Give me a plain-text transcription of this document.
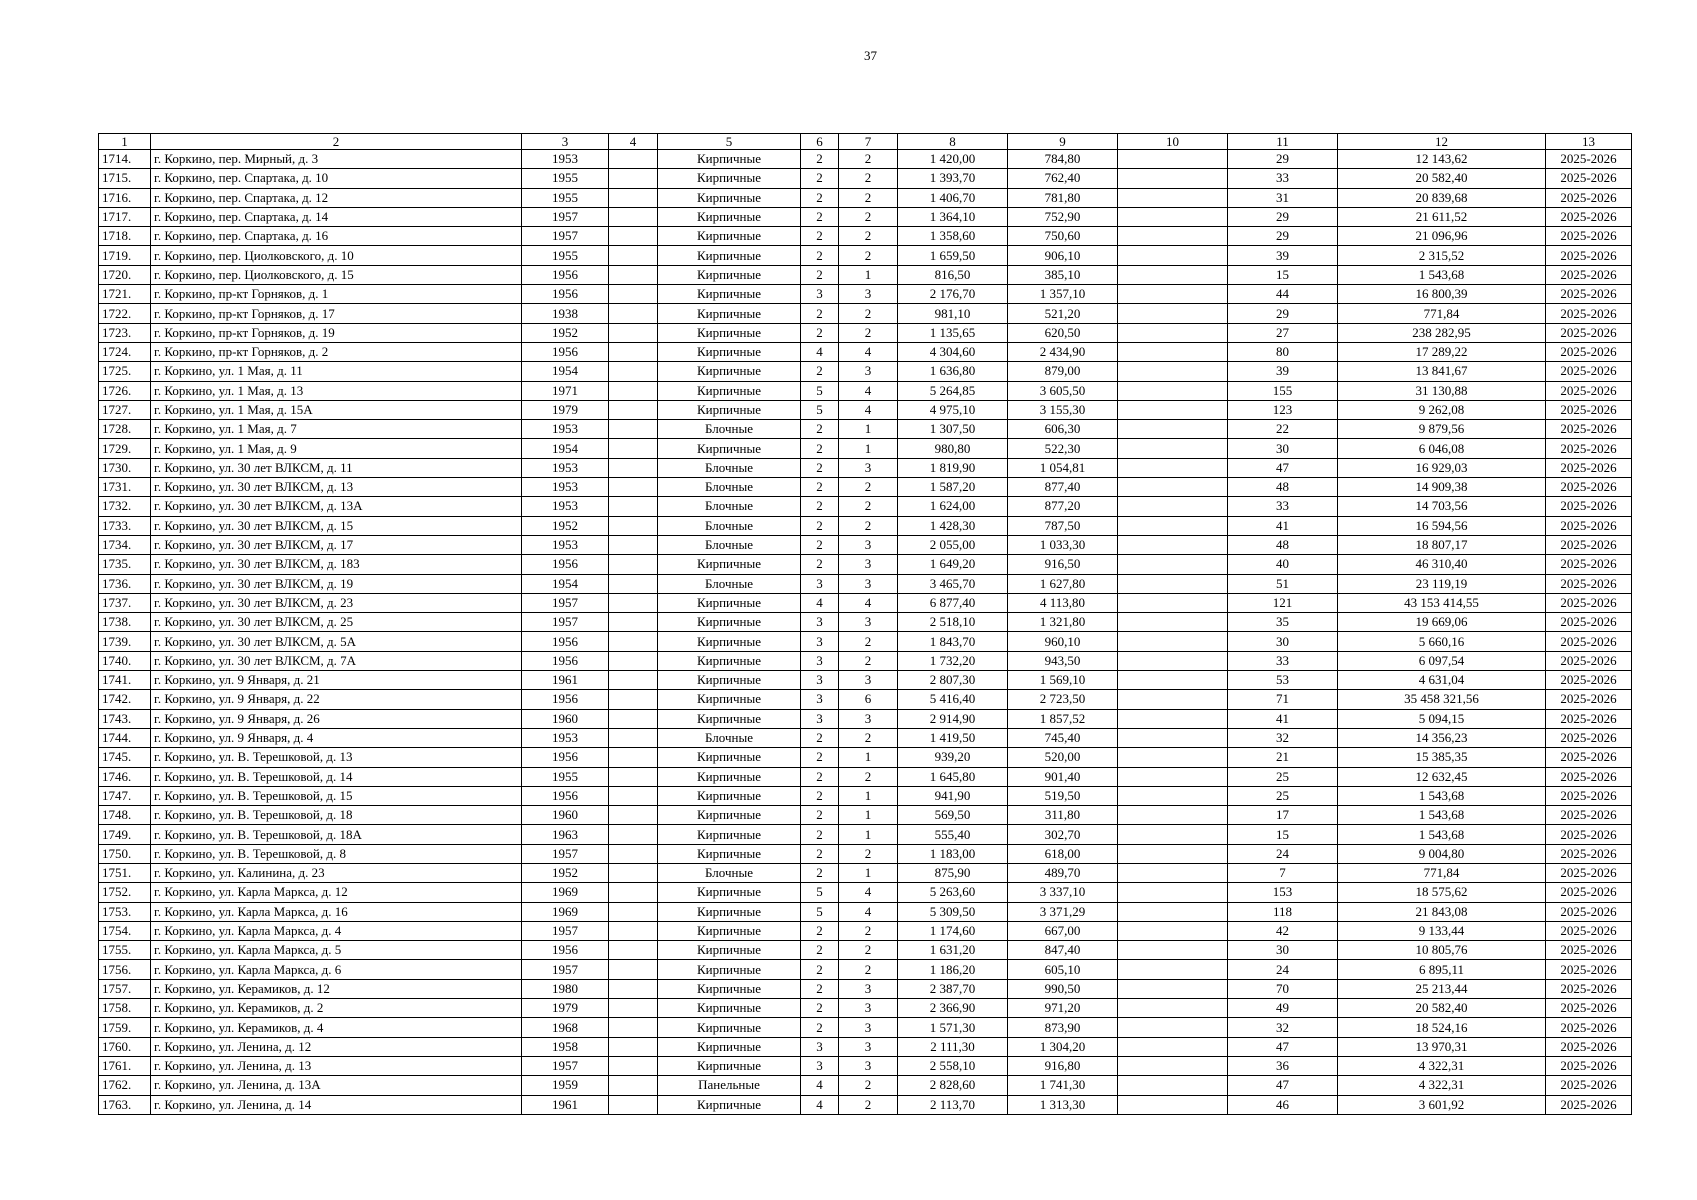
37
1	2	3	4	5	6	7	8	9	10	11	12	13
1714.	г. Коркино, пер. Мирный, д. 3	1953		Кирпичные	2	2	1 420,00	784,80		29	12 143,62	2025-2026
1715.	г. Коркино, пер. Спартака, д. 10	1955		Кирпичные	2	2	1 393,70	762,40		33	20 582,40	2025-2026
1716.	г. Коркино, пер. Спартака, д. 12	1955		Кирпичные	2	2	1 406,70	781,80		31	20 839,68	2025-2026
1717.	г. Коркино, пер. Спартака, д. 14	1957		Кирпичные	2	2	1 364,10	752,90		29	21 611,52	2025-2026
1718.	г. Коркино, пер. Спартака, д. 16	1957		Кирпичные	2	2	1 358,60	750,60		29	21 096,96	2025-2026
1719.	г. Коркино, пер. Циолковского, д. 10	1955		Кирпичные	2	2	1 659,50	906,10		39	2 315,52	2025-2026
1720.	г. Коркино, пер. Циолковского, д. 15	1956		Кирпичные	2	1	816,50	385,10		15	1 543,68	2025-2026
1721.	г. Коркино, пр-кт Горняков, д. 1	1956		Кирпичные	3	3	2 176,70	1 357,10		44	16 800,39	2025-2026
1722.	г. Коркино, пр-кт Горняков, д. 17	1938		Кирпичные	2	2	981,10	521,20		29	771,84	2025-2026
1723.	г. Коркино, пр-кт Горняков, д. 19	1952		Кирпичные	2	2	1 135,65	620,50		27	238 282,95	2025-2026
1724.	г. Коркино, пр-кт Горняков, д. 2	1956		Кирпичные	4	4	4 304,60	2 434,90		80	17 289,22	2025-2026
1725.	г. Коркино, ул. 1 Мая, д. 11	1954		Кирпичные	2	3	1 636,80	879,00		39	13 841,67	2025-2026
1726.	г. Коркино, ул. 1 Мая, д. 13	1971		Кирпичные	5	4	5 264,85	3 605,50		155	31 130,88	2025-2026
1727.	г. Коркино, ул. 1 Мая, д. 15А	1979		Кирпичные	5	4	4 975,10	3 155,30		123	9 262,08	2025-2026
1728.	г. Коркино, ул. 1 Мая, д. 7	1953		Блочные	2	1	1 307,50	606,30		22	9 879,56	2025-2026
1729.	г. Коркино, ул. 1 Мая, д. 9	1954		Кирпичные	2	1	980,80	522,30		30	6 046,08	2025-2026
1730.	г. Коркино, ул. 30 лет ВЛКСМ, д. 11	1953		Блочные	2	3	1 819,90	1 054,81		47	16 929,03	2025-2026
1731.	г. Коркино, ул. 30 лет ВЛКСМ, д. 13	1953		Блочные	2	2	1 587,20	877,40		48	14 909,38	2025-2026
1732.	г. Коркино, ул. 30 лет ВЛКСМ, д. 13А	1953		Блочные	2	2	1 624,00	877,20		33	14 703,56	2025-2026
1733.	г. Коркино, ул. 30 лет ВЛКСМ, д. 15	1952		Блочные	2	2	1 428,30	787,50		41	16 594,56	2025-2026
1734.	г. Коркино, ул. 30 лет ВЛКСМ, д. 17	1953		Блочные	2	3	2 055,00	1 033,30		48	18 807,17	2025-2026
1735.	г. Коркино, ул. 30 лет ВЛКСМ, д. 183	1956		Кирпичные	2	3	1 649,20	916,50		40	46 310,40	2025-2026
1736.	г. Коркино, ул. 30 лет ВЛКСМ, д. 19	1954		Блочные	3	3	3 465,70	1 627,80		51	23 119,19	2025-2026
1737.	г. Коркино, ул. 30 лет ВЛКСМ, д. 23	1957		Кирпичные	4	4	6 877,40	4 113,80		121	43 153 414,55	2025-2026
1738.	г. Коркино, ул. 30 лет ВЛКСМ, д. 25	1957		Кирпичные	3	3	2 518,10	1 321,80		35	19 669,06	2025-2026
1739.	г. Коркино, ул. 30 лет ВЛКСМ, д. 5А	1956		Кирпичные	3	2	1 843,70	960,10		30	5 660,16	2025-2026
1740.	г. Коркино, ул. 30 лет ВЛКСМ, д. 7А	1956		Кирпичные	3	2	1 732,20	943,50		33	6 097,54	2025-2026
1741.	г. Коркино, ул. 9 Января, д. 21	1961		Кирпичные	3	3	2 807,30	1 569,10		53	4 631,04	2025-2026
1742.	г. Коркино, ул. 9 Января, д. 22	1956		Кирпичные	3	6	5 416,40	2 723,50		71	35 458 321,56	2025-2026
1743.	г. Коркино, ул. 9 Января, д. 26	1960		Кирпичные	3	3	2 914,90	1 857,52		41	5 094,15	2025-2026
1744.	г. Коркино, ул. 9 Января, д. 4	1953		Блочные	2	2	1 419,50	745,40		32	14 356,23	2025-2026
1745.	г. Коркино, ул. В. Терешковой, д. 13	1956		Кирпичные	2	1	939,20	520,00		21	15 385,35	2025-2026
1746.	г. Коркино, ул. В. Терешковой, д. 14	1955		Кирпичные	2	2	1 645,80	901,40		25	12 632,45	2025-2026
1747.	г. Коркино, ул. В. Терешковой, д. 15	1956		Кирпичные	2	1	941,90	519,50		25	1 543,68	2025-2026
1748.	г. Коркино, ул. В. Терешковой, д. 18	1960		Кирпичные	2	1	569,50	311,80		17	1 543,68	2025-2026
1749.	г. Коркино, ул. В. Терешковой, д. 18А	1963		Кирпичные	2	1	555,40	302,70		15	1 543,68	2025-2026
1750.	г. Коркино, ул. В. Терешковой, д. 8	1957		Кирпичные	2	2	1 183,00	618,00		24	9 004,80	2025-2026
1751.	г. Коркино, ул. Калинина, д. 23	1952		Блочные	2	1	875,90	489,70		7	771,84	2025-2026
1752.	г. Коркино, ул. Карла Маркса, д. 12	1969		Кирпичные	5	4	5 263,60	3 337,10		153	18 575,62	2025-2026
1753.	г. Коркино, ул. Карла Маркса, д. 16	1969		Кирпичные	5	4	5 309,50	3 371,29		118	21 843,08	2025-2026
1754.	г. Коркино, ул. Карла Маркса, д. 4	1957		Кирпичные	2	2	1 174,60	667,00		42	9 133,44	2025-2026
1755.	г. Коркино, ул. Карла Маркса, д. 5	1956		Кирпичные	2	2	1 631,20	847,40		30	10 805,76	2025-2026
1756.	г. Коркино, ул. Карла Маркса, д. 6	1957		Кирпичные	2	2	1 186,20	605,10		24	6 895,11	2025-2026
1757.	г. Коркино, ул. Керамиков, д. 12	1980		Кирпичные	2	3	2 387,70	990,50		70	25 213,44	2025-2026
1758.	г. Коркино, ул. Керамиков, д. 2	1979		Кирпичные	2	3	2 366,90	971,20		49	20 582,40	2025-2026
1759.	г. Коркино, ул. Керамиков, д. 4	1968		Кирпичные	2	3	1 571,30	873,90		32	18 524,16	2025-2026
1760.	г. Коркино, ул. Ленина, д. 12	1958		Кирпичные	3	3	2 111,30	1 304,20		47	13 970,31	2025-2026
1761.	г. Коркино, ул. Ленина, д. 13	1957		Кирпичные	3	3	2 558,10	916,80		36	4 322,31	2025-2026
1762.	г. Коркино, ул. Ленина, д. 13А	1959		Панельные	4	2	2 828,60	1 741,30		47	4 322,31	2025-2026
1763.	г. Коркино, ул. Ленина, д. 14	1961		Кирпичные	4	2	2 113,70	1 313,30		46	3 601,92	2025-2026
